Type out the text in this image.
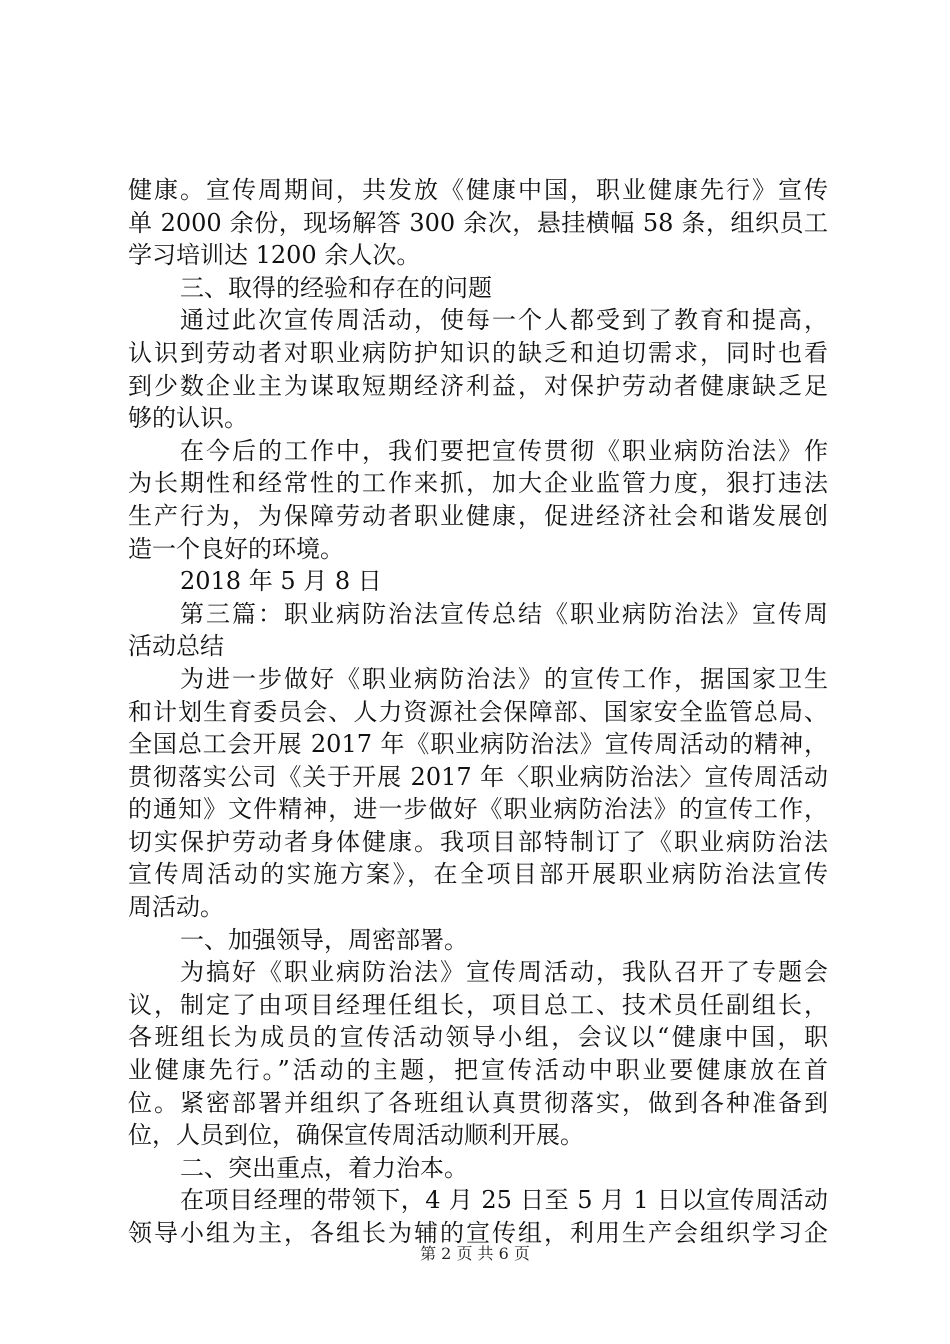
健康。宣传周期间，共发放《健康中国，职业健康先行》宣传
单 2000 余份，现场解答 300 余次，悬挂横幅 58 条，组织员工
学习培训达 1200 余人次。
三、取得的经验和存在的问题
通过此次宣传周活动，使每一个人都受到了教育和提高，
认识到劳动者对职业病防护知识的缺乏和迫切需求，同时也看
到少数企业主为谋取短期经济利益，对保护劳动者健康缺乏足
够的认识。
在今后的工作中，我们要把宣传贯彻《职业病防治法》作
为长期性和经常性的工作来抓，加大企业监管力度，狠打违法
生产行为，为保障劳动者职业健康，促进经济社会和谐发展创
造一个良好的环境。
2018 年 5 月 8 日
第三篇：职业病防治法宣传总结《职业病防治法》宣传周
活动总结
为进一步做好《职业病防治法》的宣传工作，据国家卫生
和计划生育委员会、人力资源社会保障部、国家安全监管总局、
全国总工会开展 2017 年《职业病防治法》宣传周活动的精神，
贯彻落实公司《关于开展 2017 年〈职业病防治法〉宣传周活动
的通知》文件精神，进一步做好《职业病防治法》的宣传工作，
切实保护劳动者身体健康。我项目部特制订了《职业病防治法
宣传周活动的实施方案》，在全项目部开展职业病防治法宣传
周活动。
一、加强领导，周密部署。
为搞好《职业病防治法》宣传周活动，我队召开了专题会
议，制定了由项目经理任组长，项目总工、技术员任副组长，
各班组长为成员的宣传活动领导小组，会议以“健康中国，职
业健康先行。”活动的主题，把宣传活动中职业要健康放在首
位。紧密部署并组织了各班组认真贯彻落实，做到各种准备到
位，人员到位，确保宣传周活动顺利开展。
二、突出重点，着力治本。
在项目经理的带领下，4 月 25 日至 5 月 1 日以宣传周活动
领导小组为主，各组长为辅的宣传组，利用生产会组织学习企
第 2 页 共 6 页
